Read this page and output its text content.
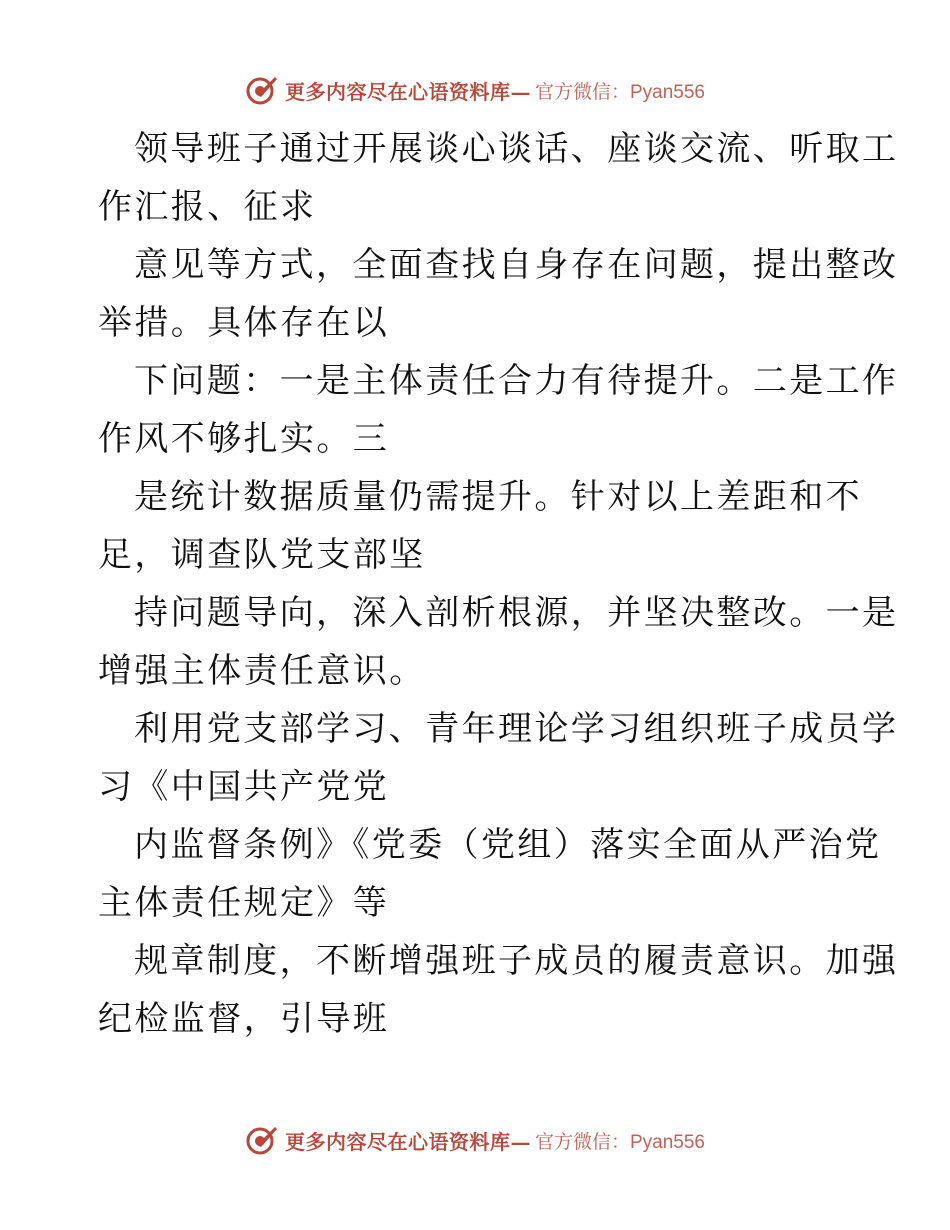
更多内容尽在心语资料库— 官方微信：Pyan556
领导班子通过开展谈心谈话、座谈交流、听取工
作汇报、征求
意见等方式，全面查找自身存在问题，提出整改
举措。具体存在以
下问题：一是主体责任合力有待提升。二是工作
作风不够扎实。三
是统计数据质量仍需提升。针对以上差距和不
足，调查队党支部坚
持问题导向，深入剖析根源，并坚决整改。一是
增强主体责任意识。
利用党支部学习、青年理论学习组织班子成员学
习《中国共产党党
内监督条例》《党委（党组）落实全面从严治党
主体责任规定》等
规章制度，不断增强班子成员的履责意识。加强
纪检监督，引导班
更多内容尽在心语资料库— 官方微信：Pyan556
